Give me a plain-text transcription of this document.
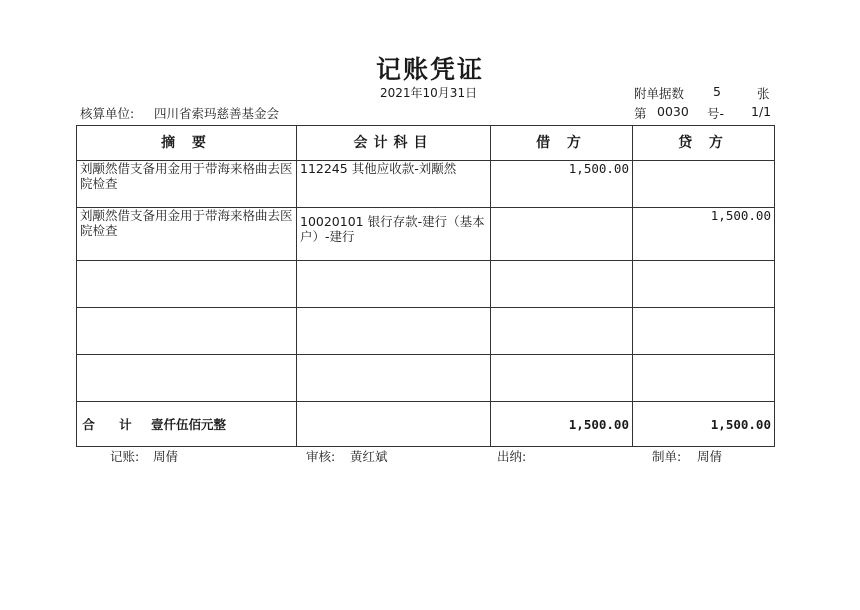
记账凭证
2021年10月31日	附单据数 5	张
核算单位: 四川省索玛慈善基金会	第 0030 号- 1/1
摘 要	会计科目	借 方	贷 方
刘颙然借支备用金用于带海来格曲去医院检查	112245 其他应收款-刘颙然	1,500.00	
刘颙然借支备用金用于带海来格曲去医院检查	10020101 银行存款-建行（基本户）-建行		1,500.00

合 计 壹仟伍佰元整		1,500.00	1,500.00
记账: 周倩	审核: 黄红斌	出纳:	制单: 周倩
